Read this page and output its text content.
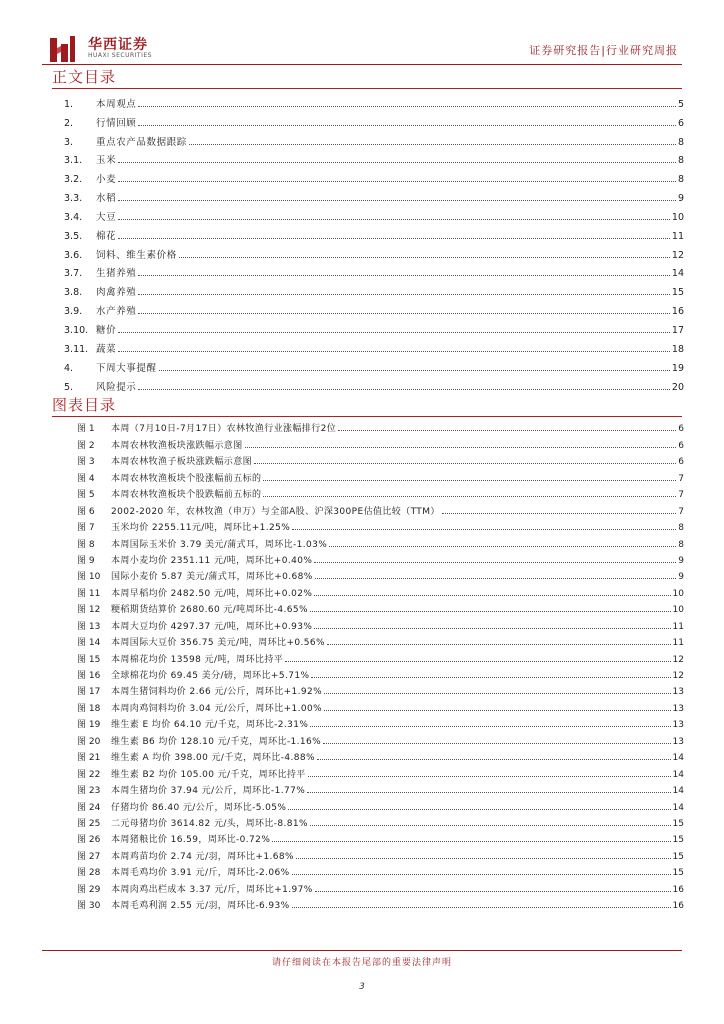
华西证券
HUAXI SECURITIES	证券研究报告|行业研究周报
正文目录
1.	本周观点	5
2.	行情回顾	6
3.	重点农产品数据跟踪	8
3.1.	玉米	8
3.2.	小麦	8
3.3.	水稻	9
3.4.	大豆	10
3.5.	棉花	11
3.6.	饲料、维生素价格	12
3.7.	生猪养殖	14
3.8.	肉禽养殖	15
3.9.	水产养殖	16
3.10. 糖价	17
3.11. 蔬菜	18
4.	下周大事提醒	19
5.	风险提示	20
图表目录
图 1	本周（7月10日-7月17日）农林牧渔行业涨幅排行2位	6
图 2	本周农林牧渔板块涨跌幅示意图	6
图 3	本周农林牧渔子板块涨跌幅示意图	6
图 4	本周农林牧渔板块个股涨幅前五标的	7
图 5	本周农林牧渔板块个股跌幅前五标的	7
图 6	2002-2020 年，农林牧渔（申万）与全部A股、沪深300PE估值比较（TTM）	7
图 7	玉米均价 2255.11元/吨，周环比+1.25%	8
图 8	本周国际玉米价 3.79 美元/蒲式耳，周环比-1.03%	8
图 9	本周小麦均价 2351.11 元/吨，周环比+0.40%	9
图 10	国际小麦价 5.87 美元/蒲式耳，周环比+0.68%	9
图 11	本周早稻均价 2482.50 元/吨，周环比+0.02%	10
图 12	粳稻期货结算价 2680.60 元/吨周环比-4.65%	10
图 13	本周大豆均价 4297.37 元/吨，周环比+0.93%	11
图 14	本周国际大豆价 356.75 美元/吨，周环比+0.56%	11
图 15	本周棉花均价 13598 元/吨，周环比持平	12
图 16	全球棉花均价 69.45 美分/磅，周环比+5.71%	12
图 17	本周生猪饲料均价 2.66 元/公斤，周环比+1.92%	13
图 18	本周肉鸡饲料均价 3.04 元/公斤，周环比+1.00%	13
图 19	维生素 E 均价 64.10 元/千克，周环比-2.31%	13
图 20	维生素 B6 均价 128.10 元/千克，周环比-1.16%	13
图 21	维生素 A 均价 398.00 元/千克，周环比-4.88%	14
图 22	维生素 B2 均价 105.00 元/千克，周环比持平	14
图 23	本周生猪均价 37.94 元/公斤，周环比-1.77%	14
图 24	仔猪均价 86.40 元/公斤，周环比-5.05%	14
图 25	二元母猪均价 3614.82 元/头，周环比-8.81%	15
图 26	本周猪粮比价 16.59，周环比-0.72%	15
图 27	本周鸡苗均价 2.74 元/羽，周环比+1.68%	15
图 28	本周毛鸡均价 3.91 元/斤，周环比-2.06%	15
图 29	本周肉鸡出栏成本 3.37 元/斤，周环比+1.97%	16
图 30	本周毛鸡利润 2.55 元/羽，周环比-6.93%	16
请仔细阅读在本报告尾部的重要法律声明
3
